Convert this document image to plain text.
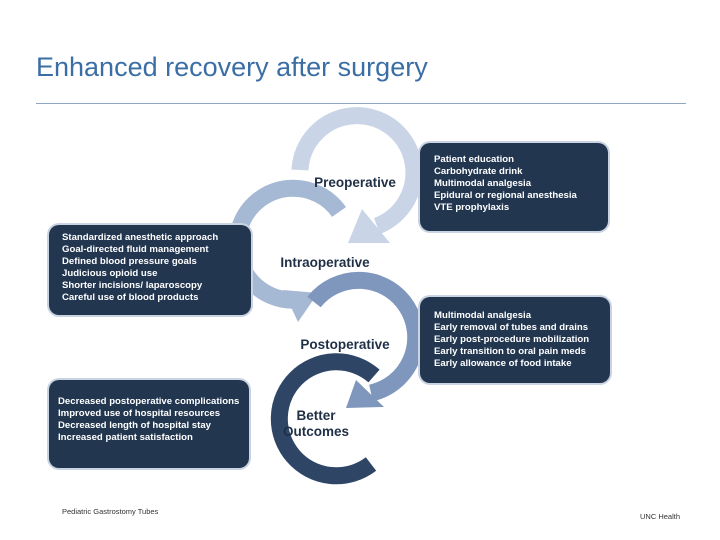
Enhanced recovery after surgery
Preoperative
Intraoperative
Postoperative
Better
Outcomes
Patient education
Carbohydrate drink
Multimodal analgesia
Epidural or regional anesthesia
VTE prophylaxis
Standardized anesthetic approach
Goal-directed fluid management
Defined blood pressure goals
Judicious opioid use
Shorter incisions/ laparoscopy
Careful use of blood products
Multimodal analgesia
Early removal of tubes and drains
Early post-procedure mobilization
Early transition to oral pain meds
Early allowance of food intake
Decreased postoperative complications
Improved use of hospital resources
Decreased length of hospital stay
Increased patient satisfaction
Pediatric Gastrostomy Tubes
UNC Health
